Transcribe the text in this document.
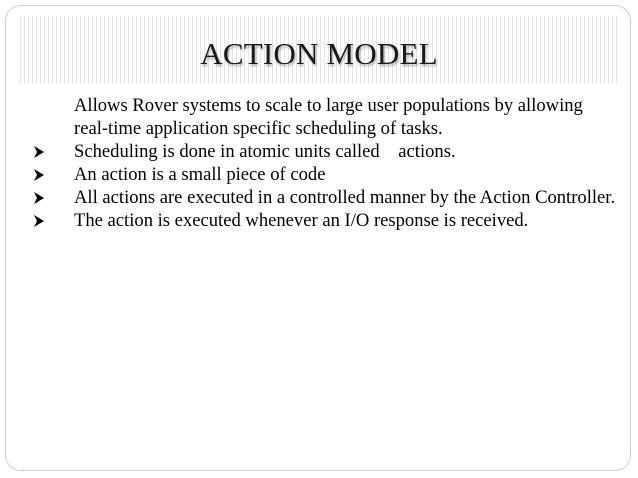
ACTION MODEL

Allows Rover systems to scale to large user populations by allowing real-time application specific scheduling of tasks.

Scheduling is done in atomic units called    actions.
An action is a small piece of code
All actions are executed in a controlled manner by the Action Controller.
The action is executed whenever an I/O response is received.
